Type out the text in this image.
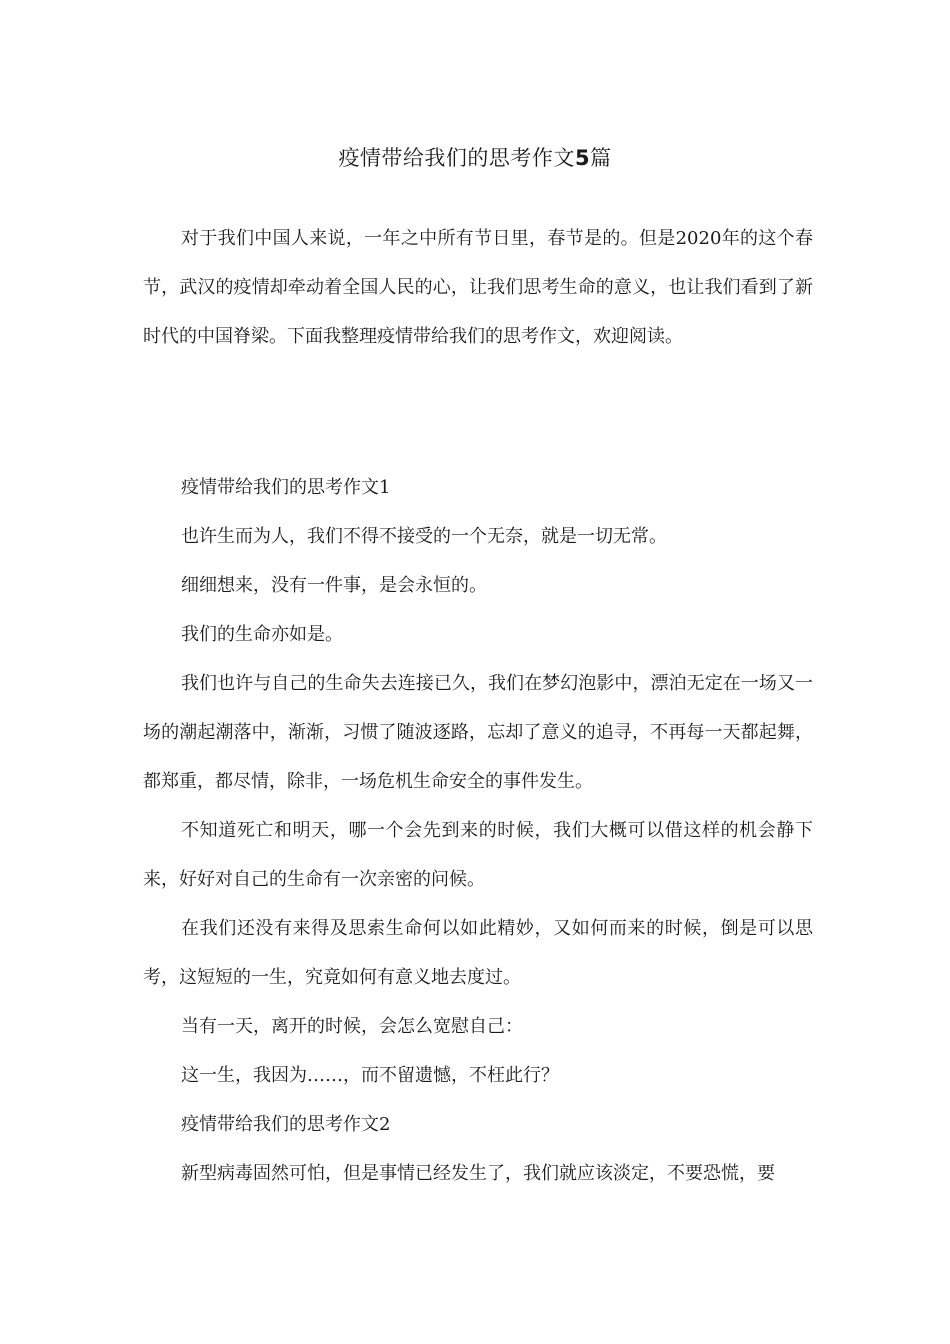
疫情带给我们的思考作文5篇
对于我们中国人来说，一年之中所有节日里，春节是的。但是2020年的这个春节，武汉的疫情却牵动着全国人民的心，让我们思考生命的意义，也让我们看到了新时代的中国脊梁。下面我整理疫情带给我们的思考作文，欢迎阅读。

疫情带给我们的思考作文1

也许生而为人，我们不得不接受的一个无奈，就是一切无常。

细细想来，没有一件事，是会永恒的。

我们的生命亦如是。

我们也许与自己的生命失去连接已久，我们在梦幻泡影中，漂泊无定在一场又一场的潮起潮落中，渐渐，习惯了随波逐路，忘却了意义的追寻，不再每一天都起舞，都郑重，都尽情，除非，一场危机生命安全的事件发生。

不知道死亡和明天，哪一个会先到来的时候，我们大概可以借这样的机会静下来，好好对自己的生命有一次亲密的问候。

在我们还没有来得及思索生命何以如此精妙，又如何而来的时候，倒是可以思考，这短短的一生，究竟如何有意义地去度过。

当有一天，离开的时候，会怎么宽慰自己：

这一生，我因为……，而不留遗憾，不枉此行？

疫情带给我们的思考作文2

新型病毒固然可怕，但是事情已经发生了，我们就应该淡定，不要恐慌，要
